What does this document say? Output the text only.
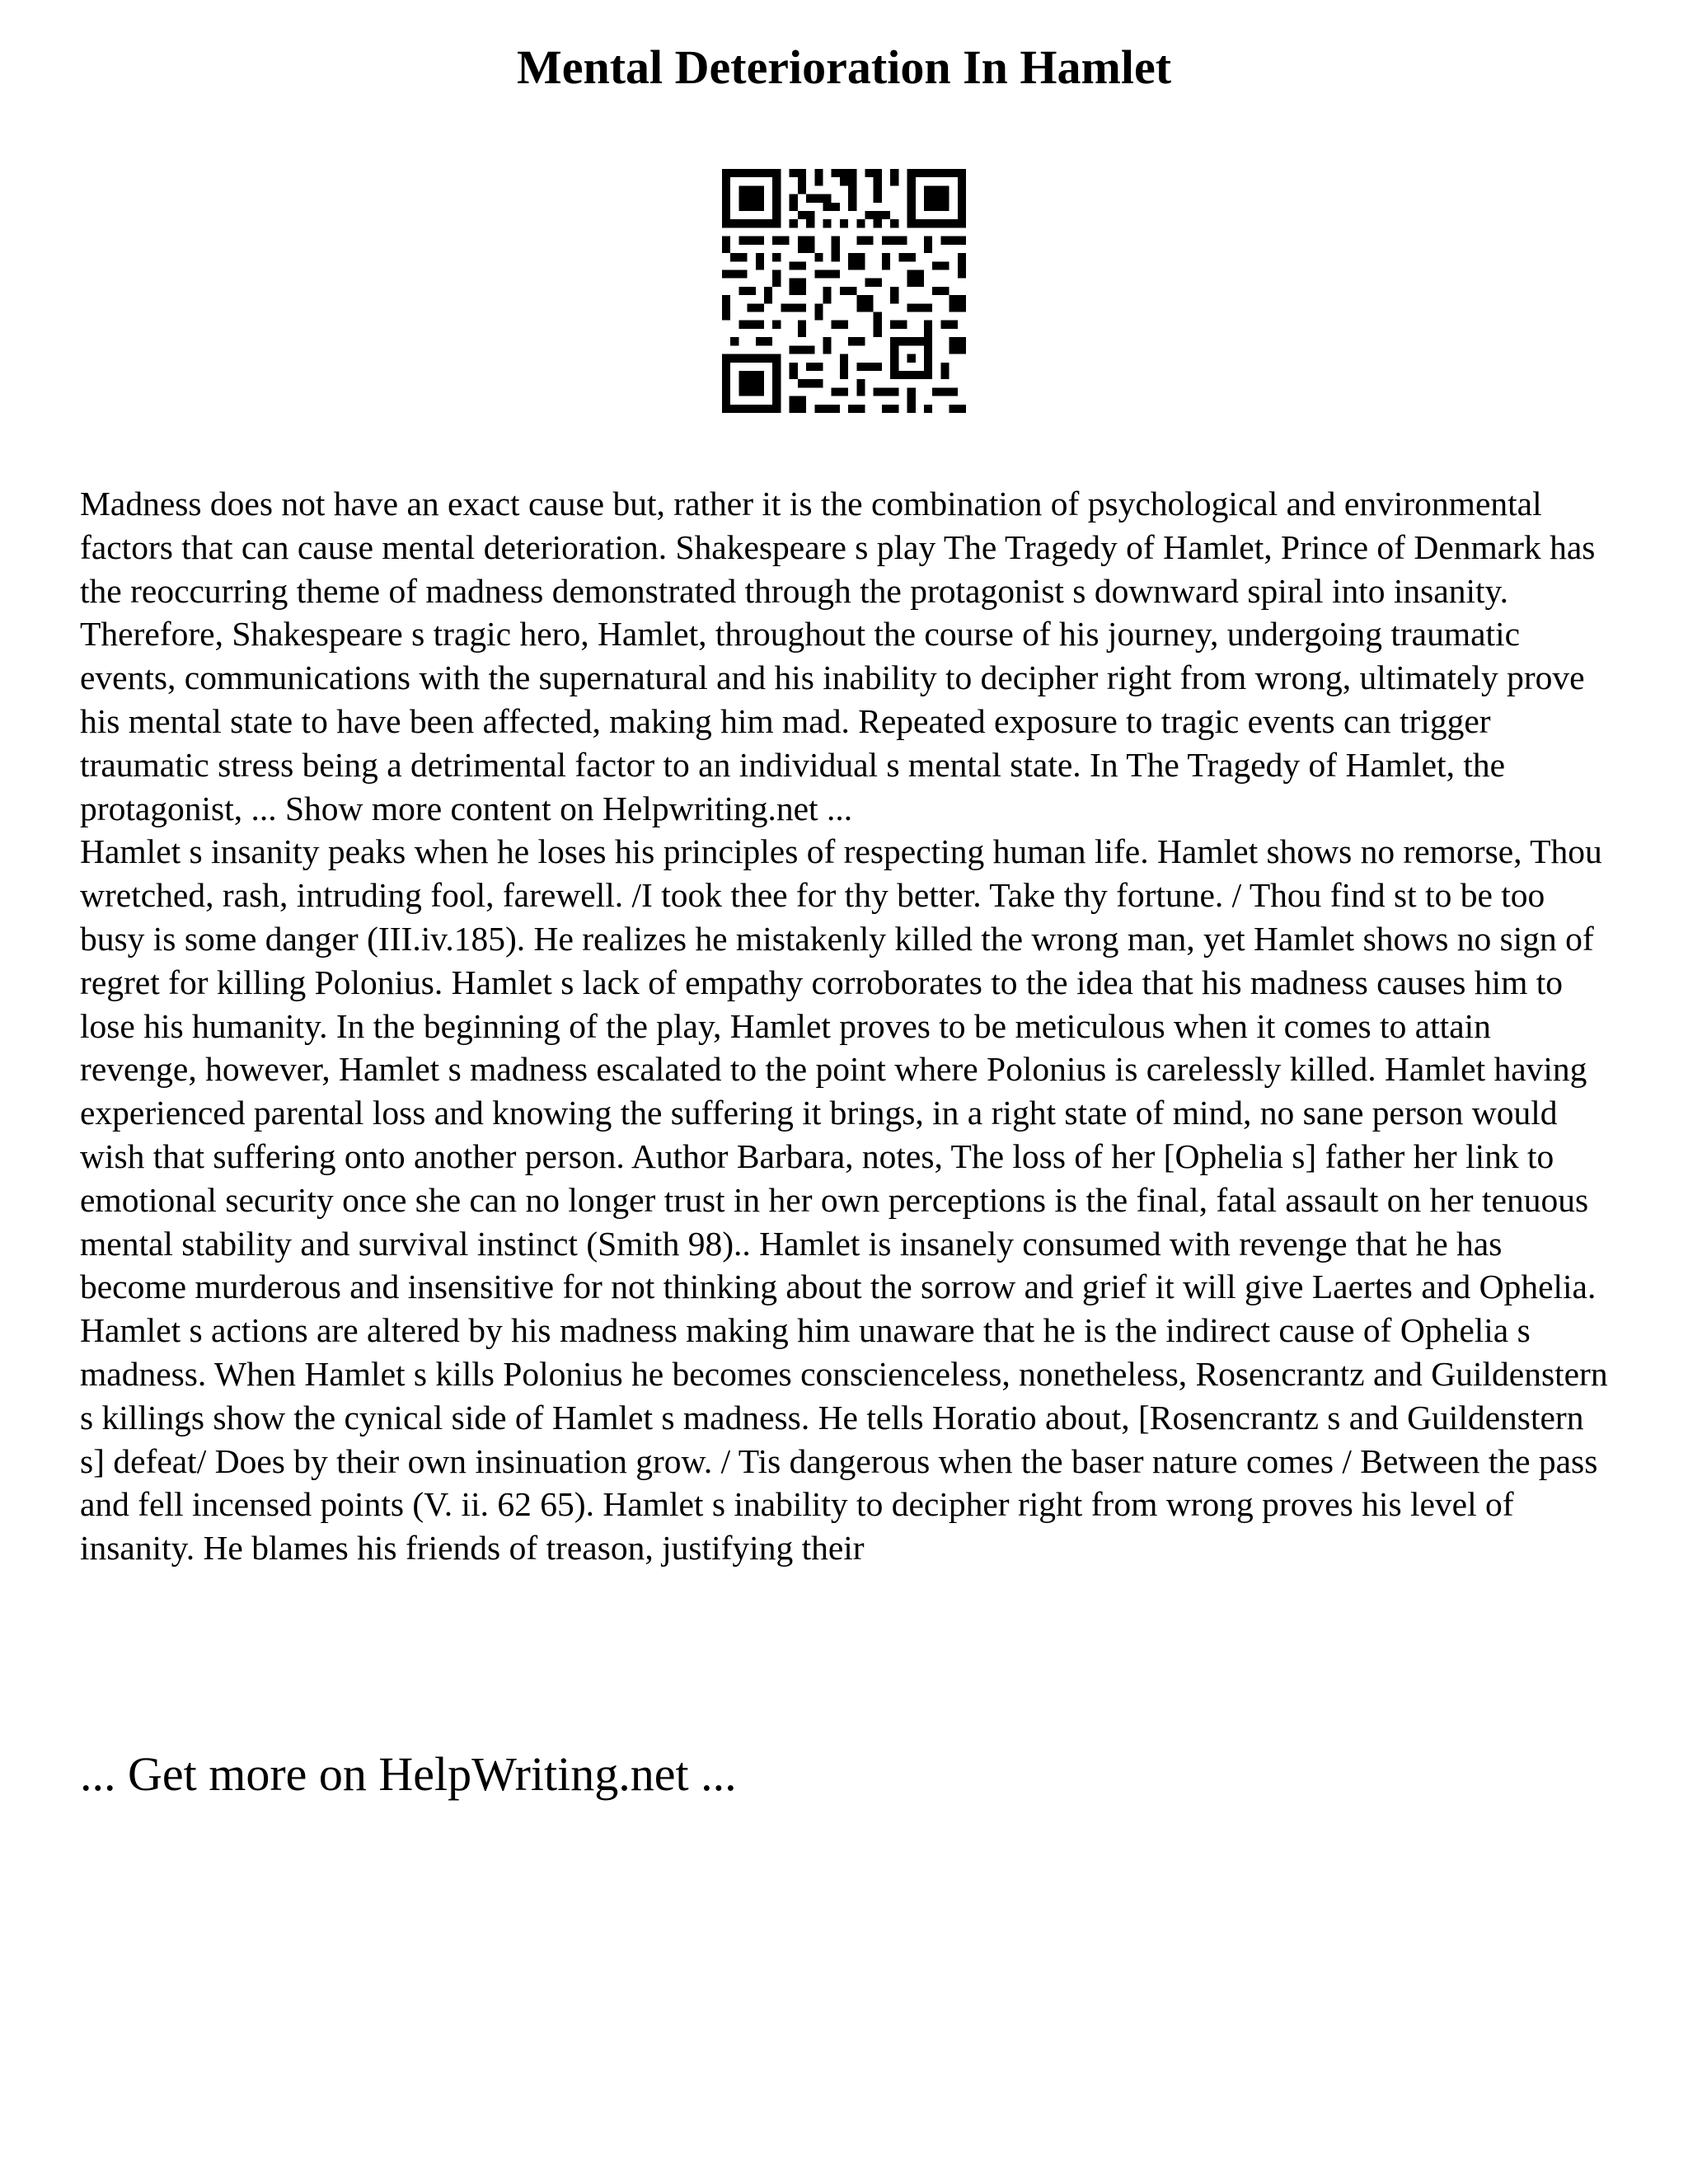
Mental Deterioration In Hamlet

Madness does not have an exact cause but, rather it is the combination of psychological and environmental factors that can cause mental deterioration. Shakespeare s play The Tragedy of Hamlet, Prince of Denmark has the reoccurring theme of madness demonstrated through the protagonist s downward spiral into insanity. Therefore, Shakespeare s tragic hero, Hamlet, throughout the course of his journey, undergoing traumatic events, communications with the supernatural and his inability to decipher right from wrong, ultimately prove his mental state to have been affected, making him mad. Repeated exposure to tragic events can trigger traumatic stress being a detrimental factor to an individual s mental state. In The Tragedy of Hamlet, the protagonist, ... Show more content on Helpwriting.net ...

Hamlet s insanity peaks when he loses his principles of respecting human life. Hamlet shows no remorse, Thou wretched, rash, intruding fool, farewell. /I took thee for thy better. Take thy fortune. / Thou find st to be too busy is some danger (III.iv.185). He realizes he mistakenly killed the wrong man, yet Hamlet shows no sign of regret for killing Polonius. Hamlet s lack of empathy corroborates to the idea that his madness causes him to lose his humanity. In the beginning of the play, Hamlet proves to be meticulous when it comes to attain revenge, however, Hamlet s madness escalated to the point where Polonius is carelessly killed. Hamlet having experienced parental loss and knowing the suffering it brings, in a right state of mind, no sane person would wish that suffering onto another person. Author Barbara, notes, The loss of her [Ophelia s] father her link to emotional security once she can no longer trust in her own perceptions is the final, fatal assault on her tenuous mental stability and survival instinct (Smith 98).. Hamlet is insanely consumed with revenge that he has become murderous and insensitive for not thinking about the sorrow and grief it will give Laertes and Ophelia. Hamlet s actions are altered by his madness making him unaware that he is the indirect cause of Ophelia s madness. When Hamlet s kills Polonius he becomes conscienceless, nonetheless, Rosencrantz and Guildenstern s killings show the cynical side of Hamlet s madness. He tells Horatio about, [Rosencrantz s and Guildenstern s] defeat/ Does by their own insinuation grow. / Tis dangerous when the baser nature comes / Between the pass and fell incensed points (V. ii. 62 65). Hamlet s inability to decipher right from wrong proves his level of insanity. He blames his friends of treason, justifying their

... Get more on HelpWriting.net ...
